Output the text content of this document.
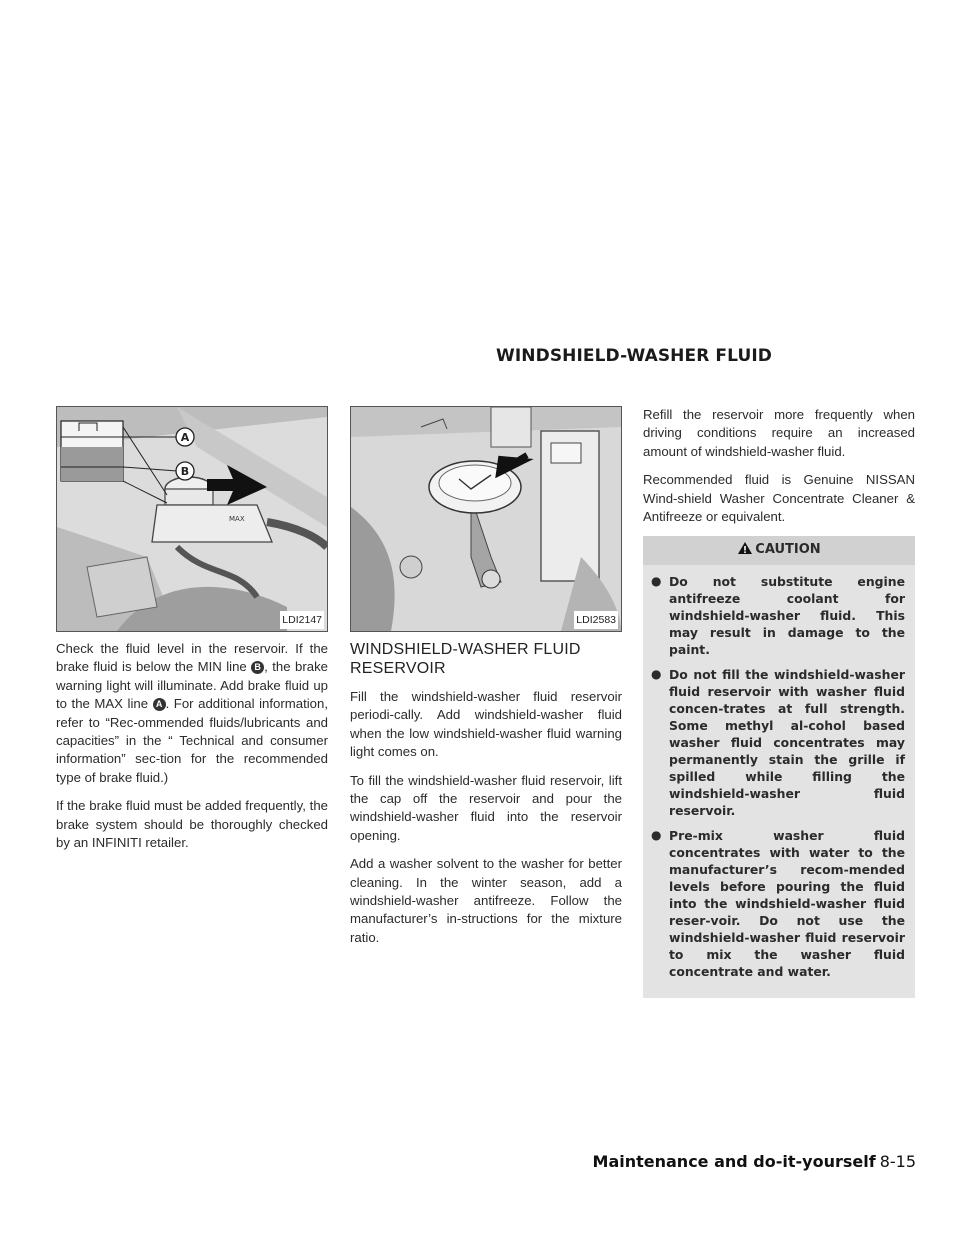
WINDSHIELD-WASHER FLUID
MAX
A
B
LDI2147

Check the fluid level in the reservoir. If the brake fluid is below the MIN line B , the brake warning light will illuminate. Add brake fluid up to the MAX line A . For additional information, refer to “Rec-ommended fluids/lubricants and capacities” in the “ Technical and consumer information” sec-tion for the recommended type of brake fluid.)

If the brake fluid must be added frequently, the brake system should be thoroughly checked by an INFINITI retailer.

LDI2583
WINDSHIELD-WASHER FLUID RESERVOIR

Fill the windshield-washer fluid reservoir periodi-cally. Add windshield-washer fluid when the low windshield-washer fluid warning light comes on.

To fill the windshield-washer fluid reservoir, lift the cap off the reservoir and pour the windshield-washer fluid into the reservoir opening.

Add a washer solvent to the washer for better cleaning. In the winter season, add a windshield-washer antifreeze. Follow the manufacturer’s in-structions for the mixture ratio.

Refill the reservoir more frequently when driving conditions require an increased amount of windshield-washer fluid.

Recommended fluid is Genuine NISSAN Wind-shield Washer Concentrate Cleaner & Antifreeze or equivalent.

CAUTION
● Do not substitute engine antifreeze coolant for windshield-washer fluid. This may result in damage to the paint.
● Do not fill the windshield-washer fluid reservoir with washer fluid concen-trates at full strength. Some methyl al-cohol based washer fluid concentrates may permanently stain the grille if spilled while filling the windshield-washer fluid reservoir.
● Pre-mix washer fluid concentrates with water to the manufacturer’s recom-mended levels before pouring the fluid into the windshield-washer fluid reser-voir. Do not use the windshield-washer fluid reservoir to mix the washer fluid concentrate and water.
Maintenance and do-it-yourself 8-15
